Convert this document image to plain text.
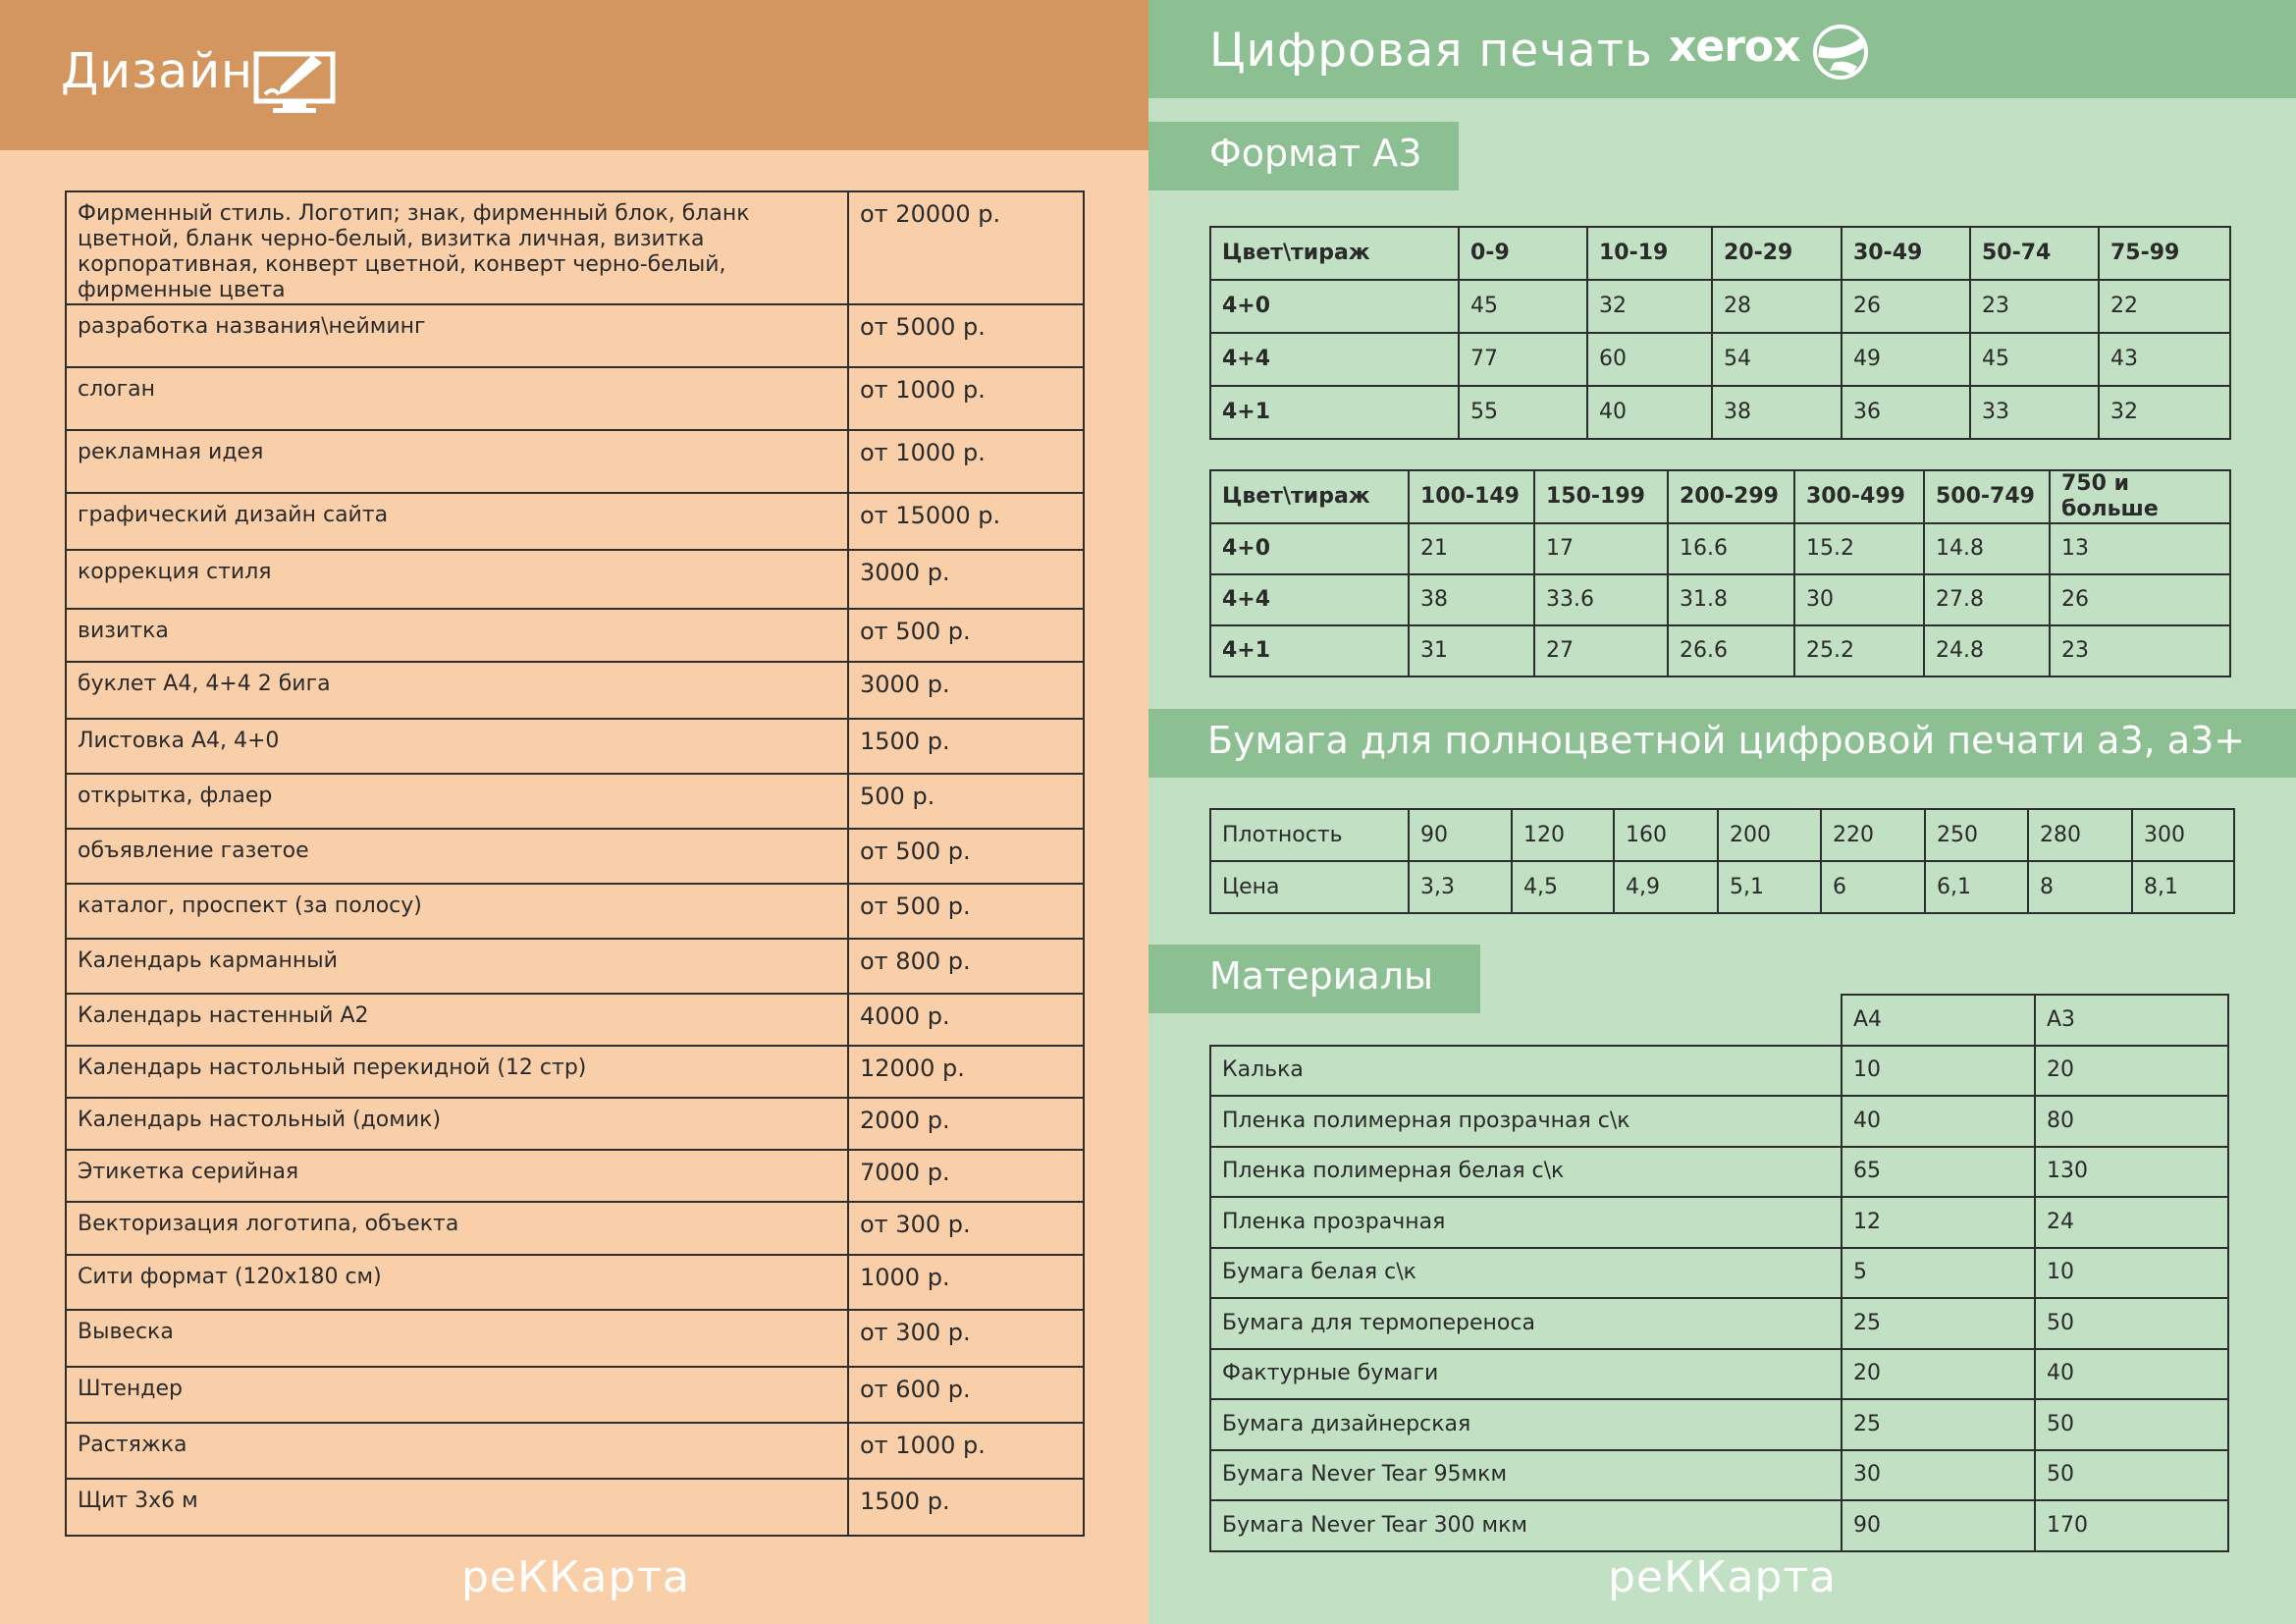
Дизайн
Фирменный стиль. Логотип; знак, фирменный блок, бланк цветной, бланк черно-белый, визитка личная, визитка корпоративная, конверт цветной, конверт черно-белый, фирменные цвета	от 20000 р.
разработка названия\нейминг	от 5000 р.
слоган	от 1000 р.
рекламная идея	от 1000 р.
графический дизайн сайта	от 15000 р.
коррекция стиля	3000 р.
визитка	от 500 р.
буклет А4, 4+4 2 бига	3000 р.
Листовка А4, 4+0	1500 р.
открытка, флаер	500 р.
объявление газетое	от 500 р.
каталог, проспект (за полосу)	от 500 р.
Календарь карманный	от 800 р.
Календарь настенный А2	4000 р.
Календарь настольный перекидной (12 стр)	12000 р.
Календарь настольный (домик)	2000 р.
Этикетка серийная	7000 р.
Векторизация логотипа, объекта	от 300 р.
Сити формат (120х180 см)	1000 р.
Вывеска	от 300 р.
Штендер	от 600 р.
Растяжка	от 1000 р.
Щит 3х6 м	1500 р.
реККарта
Цифровая печать xerox
Формат А3
Цвет\тираж	0-9	10-19	20-29	30-49	50-74	75-99
4+0	45	32	28	26	23	22
4+4	77	60	54	49	45	43
4+1	55	40	38	36	33	32
Цвет\тираж	100-149	150-199	200-299	300-499	500-749	750 и больше
4+0	21	17	16.6	15.2	14.8	13
4+4	38	33.6	31.8	30	27.8	26
4+1	31	27	26.6	25.2	24.8	23
Бумага для полноцветной цифровой печати а3, а3+
Плотность	90	120	160	200	220	250	280	300
Цена	3,3	4,5	4,9	5,1	6	6,1	8	8,1
Материалы
	А4	А3
Калька	10	20
Пленка полимерная прозрачная с\к	40	80
Пленка полимерная белая с\к	65	130
Пленка прозрачная	12	24
Бумага белая с\к	5	10
Бумага для термопереноса	25	50
Фактурные бумаги	20	40
Бумага дизайнерская	25	50
Бумага Never Tear 95мкм	30	50
Бумага Never Tear 300 мкм	90	170
реККарта
